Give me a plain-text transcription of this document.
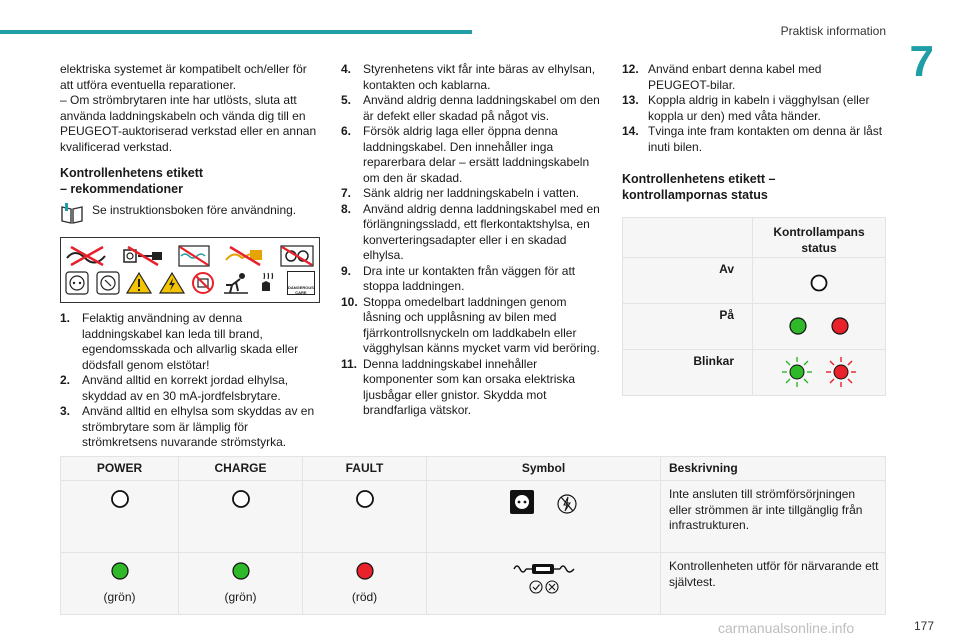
Praktisk information
7
elektriska systemet är kompatibelt och/eller för att utföra eventuella reparationer.
– Om strömbrytaren inte har utlösts, sluta att använda laddningskabeln och vända dig till en PEUGEOT-auktoriserad verkstad eller en annan kvalificerad verkstad.
Kontrollenhetens etikett
– rekommendationer
Se instruktionsboken före användning.
DANGEROUS CARE
1. Felaktig användning av denna laddningskabel kan leda till brand, egendomsskada och allvarlig skada eller dödsfall genom elstötar!
2. Använd alltid en korrekt jordad elhylsa, skyddad av en 30 mA-jordfelsbrytare.
3. Använd alltid en elhylsa som skyddas av en strömbrytare som är lämplig för strömkretsens nuvarande strömstyrka.
4. Styrenhetens vikt får inte bäras av elhylsan, kontakten och kablarna.
5. Använd aldrig denna laddningskabel om den är defekt eller skadad på något vis.
6. Försök aldrig laga eller öppna denna laddningskabel. Den innehåller inga reparerbara delar – ersätt laddningskabeln om den är skadad.
7. Sänk aldrig ner laddningskabeln i vatten.
8. Använd aldrig denna laddningskabel med en förlängningssladd, ett flerkontaktshylsa, en konverteringsadapter eller i en skadad elhylsa.
9. Dra inte ur kontakten från väggen för att stoppa laddningen.
10. Stoppa omedelbart laddningen genom låsning och upplåsning av bilen med fjärrkontrollsnyckeln om laddkabeln eller vägghylsan känns mycket varm vid beröring.
11. Denna laddningskabel innehåller komponenter som kan orsaka elektriska ljusbågar eller gnistor. Skydda mot brandfarliga vätskor.
12. Använd enbart denna kabel med PEUGEOT-bilar.
13. Koppla aldrig in kabeln i vägghylsan (eller koppla ur den) med våta händer.
14. Tvinga inte fram kontakten om denna är låst inuti bilen.
Kontrollenhetens etikett –
kontrollampornas status
	Kontrollampans status
Av	
På	
Blinkar	
POWER	CHARGE	FAULT	Symbol	Beskrivning
				Inte ansluten till strömförsörjningen eller strömmen är inte tillgänglig från infrastrukturen.

(grön)	(grön)	(röd)		Kontrollenheten utför för närvarande ett självtest.
carmanualsonline.info	177
